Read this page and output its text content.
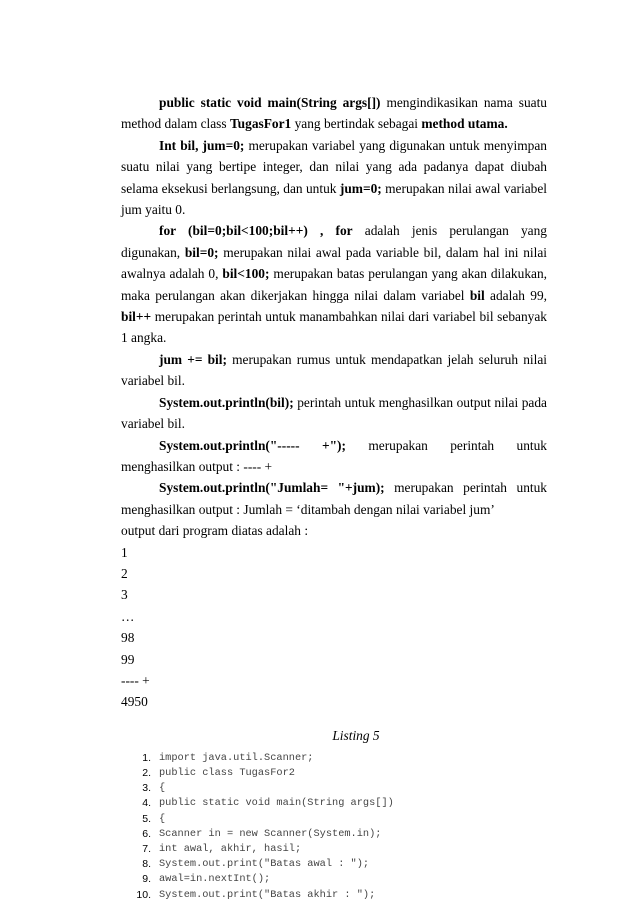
public static void main(String args[]) mengindikasikan nama suatu method dalam class TugasFor1 yang bertindak sebagai method utama.

Int bil, jum=0; merupakan variabel yang digunakan untuk menyimpan suatu nilai yang bertipe integer, dan nilai yang ada padanya dapat diubah selama eksekusi berlangsung, dan untuk jum=0; merupakan nilai awal variabel jum yaitu 0.

for (bil=0;bil<100;bil++) , for adalah jenis perulangan yang digunakan, bil=0; merupakan nilai awal pada variable bil, dalam hal ini nilai awalnya adalah 0, bil<100; merupakan batas perulangan yang akan dilakukan, maka perulangan akan dikerjakan hingga nilai dalam variabel bil adalah 99, bil++ merupakan perintah untuk manambahkan nilai dari variabel bil sebanyak 1 angka.

jum += bil; merupakan rumus untuk mendapatkan jelah seluruh nilai variabel bil.

System.out.println(bil); perintah untuk menghasilkan output nilai pada variabel bil.

System.out.println("----- +"); merupakan perintah untuk menghasilkan output : ---- +

System.out.println("Jumlah= "+jum); merupakan perintah untuk menghasilkan output : Jumlah = ‘ditambah dengan nilai variabel jum’

output dari program diatas adalah :

1
2
3
…
98
99
---- +
4950
Listing 5
1. import java.util.Scanner;
2. public class TugasFor2
3. {
4. public static void main(String args[])
5. {
6. Scanner in = new Scanner(System.in);
7. int awal, akhir, hasil;
8. System.out.print("Batas awal : ");
9. awal=in.nextInt();
10. System.out.print("Batas akhir : ");
